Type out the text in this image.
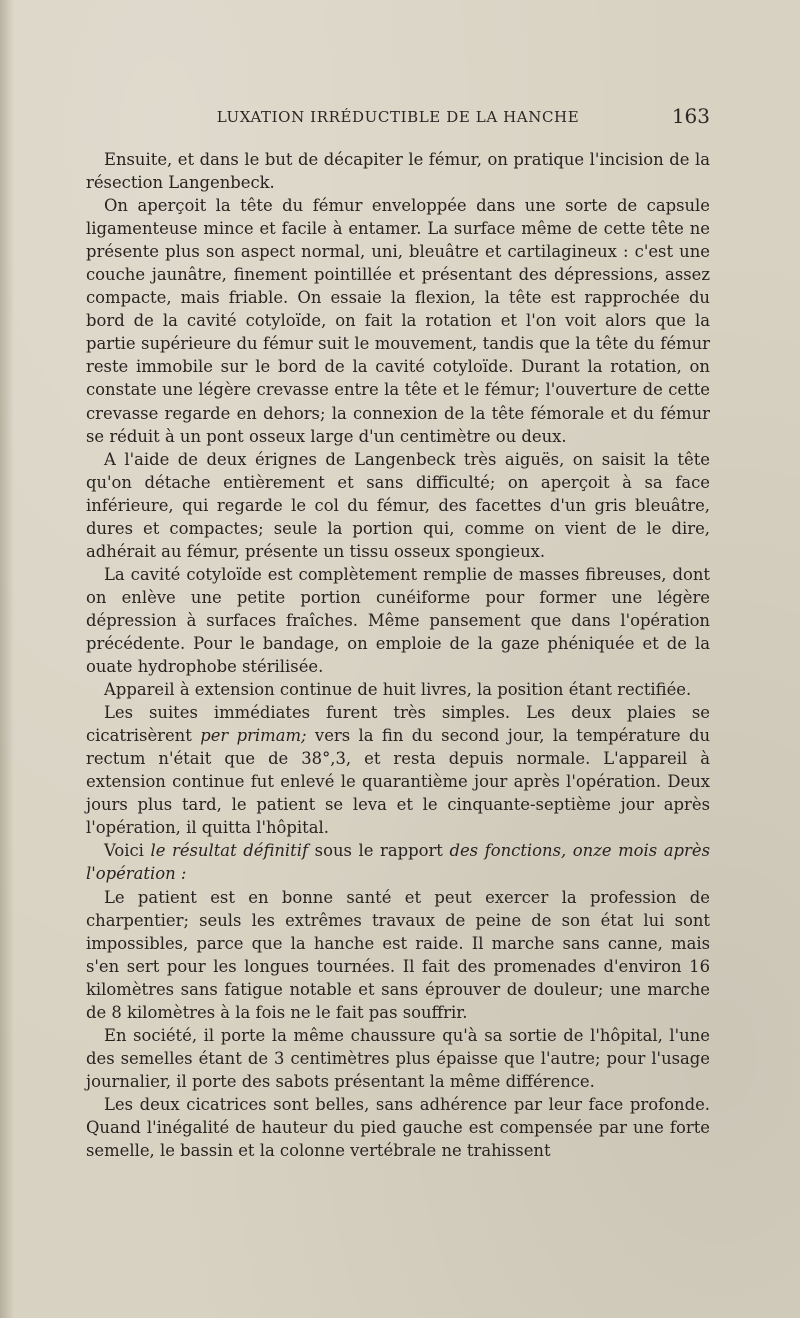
LUXATION IRRÉDUCTIBLE DE LA HANCHE	163

Ensuite, et dans le but de décapiter le fémur, on pratique l'incision de la résection Langenbeck.

On aperçoit la tête du fémur enveloppée dans une sorte de capsule ligamenteuse mince et facile à entamer. La surface même de cette tête ne présente plus son aspect normal, uni, bleuâtre et cartilagineux : c'est une couche jaunâtre, finement pointillée et présentant des dépressions, assez compacte, mais friable. On essaie la flexion, la tête est rapprochée du bord de la cavité cotyloïde, on fait la rotation et l'on voit alors que la partie supérieure du fémur suit le mouvement, tandis que la tête du fémur reste immobile sur le bord de la cavité cotyloïde. Durant la rotation, on constate une légère crevasse entre la tête et le fémur; l'ouverture de cette crevasse regarde en dehors; la connexion de la tête fémorale et du fémur se réduit à un pont osseux large d'un centimètre ou deux.

A l'aide de deux érignes de Langenbeck très aiguës, on saisit la tête qu'on détache entièrement et sans difficulté; on aperçoit à sa face inférieure, qui regarde le col du fémur, des facettes d'un gris bleuâtre, dures et compactes; seule la portion qui, comme on vient de le dire, adhérait au fémur, présente un tissu osseux spongieux.

La cavité cotyloïde est complètement remplie de masses fibreuses, dont on enlève une petite portion cunéiforme pour former une légère dépression à surfaces fraîches. Même pansement que dans l'opération précédente. Pour le bandage, on emploie de la gaze phéniquée et de la ouate hydrophobe stérilisée.

Appareil à extension continue de huit livres, la position étant rectifiée.

Les suites immédiates furent très simples. Les deux plaies se cicatrisèrent per primam; vers la fin du second jour, la température du rectum n'était que de 38°,3, et resta depuis normale. L'appareil à extension continue fut enlevé le quarantième jour après l'opération. Deux jours plus tard, le patient se leva et le cinquante-septième jour après l'opération, il quitta l'hôpital.

Voici le résultat définitif sous le rapport des fonctions, onze mois après l'opération :

Le patient est en bonne santé et peut exercer la profession de charpentier; seuls les extrêmes travaux de peine de son état lui sont impossibles, parce que la hanche est raide. Il marche sans canne, mais s'en sert pour les longues tournées. Il fait des promenades d'environ 16 kilomètres sans fatigue notable et sans éprouver de douleur; une marche de 8 kilomètres à la fois ne le fait pas souffrir.

En société, il porte la même chaussure qu'à sa sortie de l'hôpital, l'une des semelles étant de 3 centimètres plus épaisse que l'autre; pour l'usage journalier, il porte des sabots présentant la même différence.

Les deux cicatrices sont belles, sans adhérence par leur face profonde. Quand l'inégalité de hauteur du pied gauche est compensée par une forte semelle, le bassin et la colonne vertébrale ne trahissent
